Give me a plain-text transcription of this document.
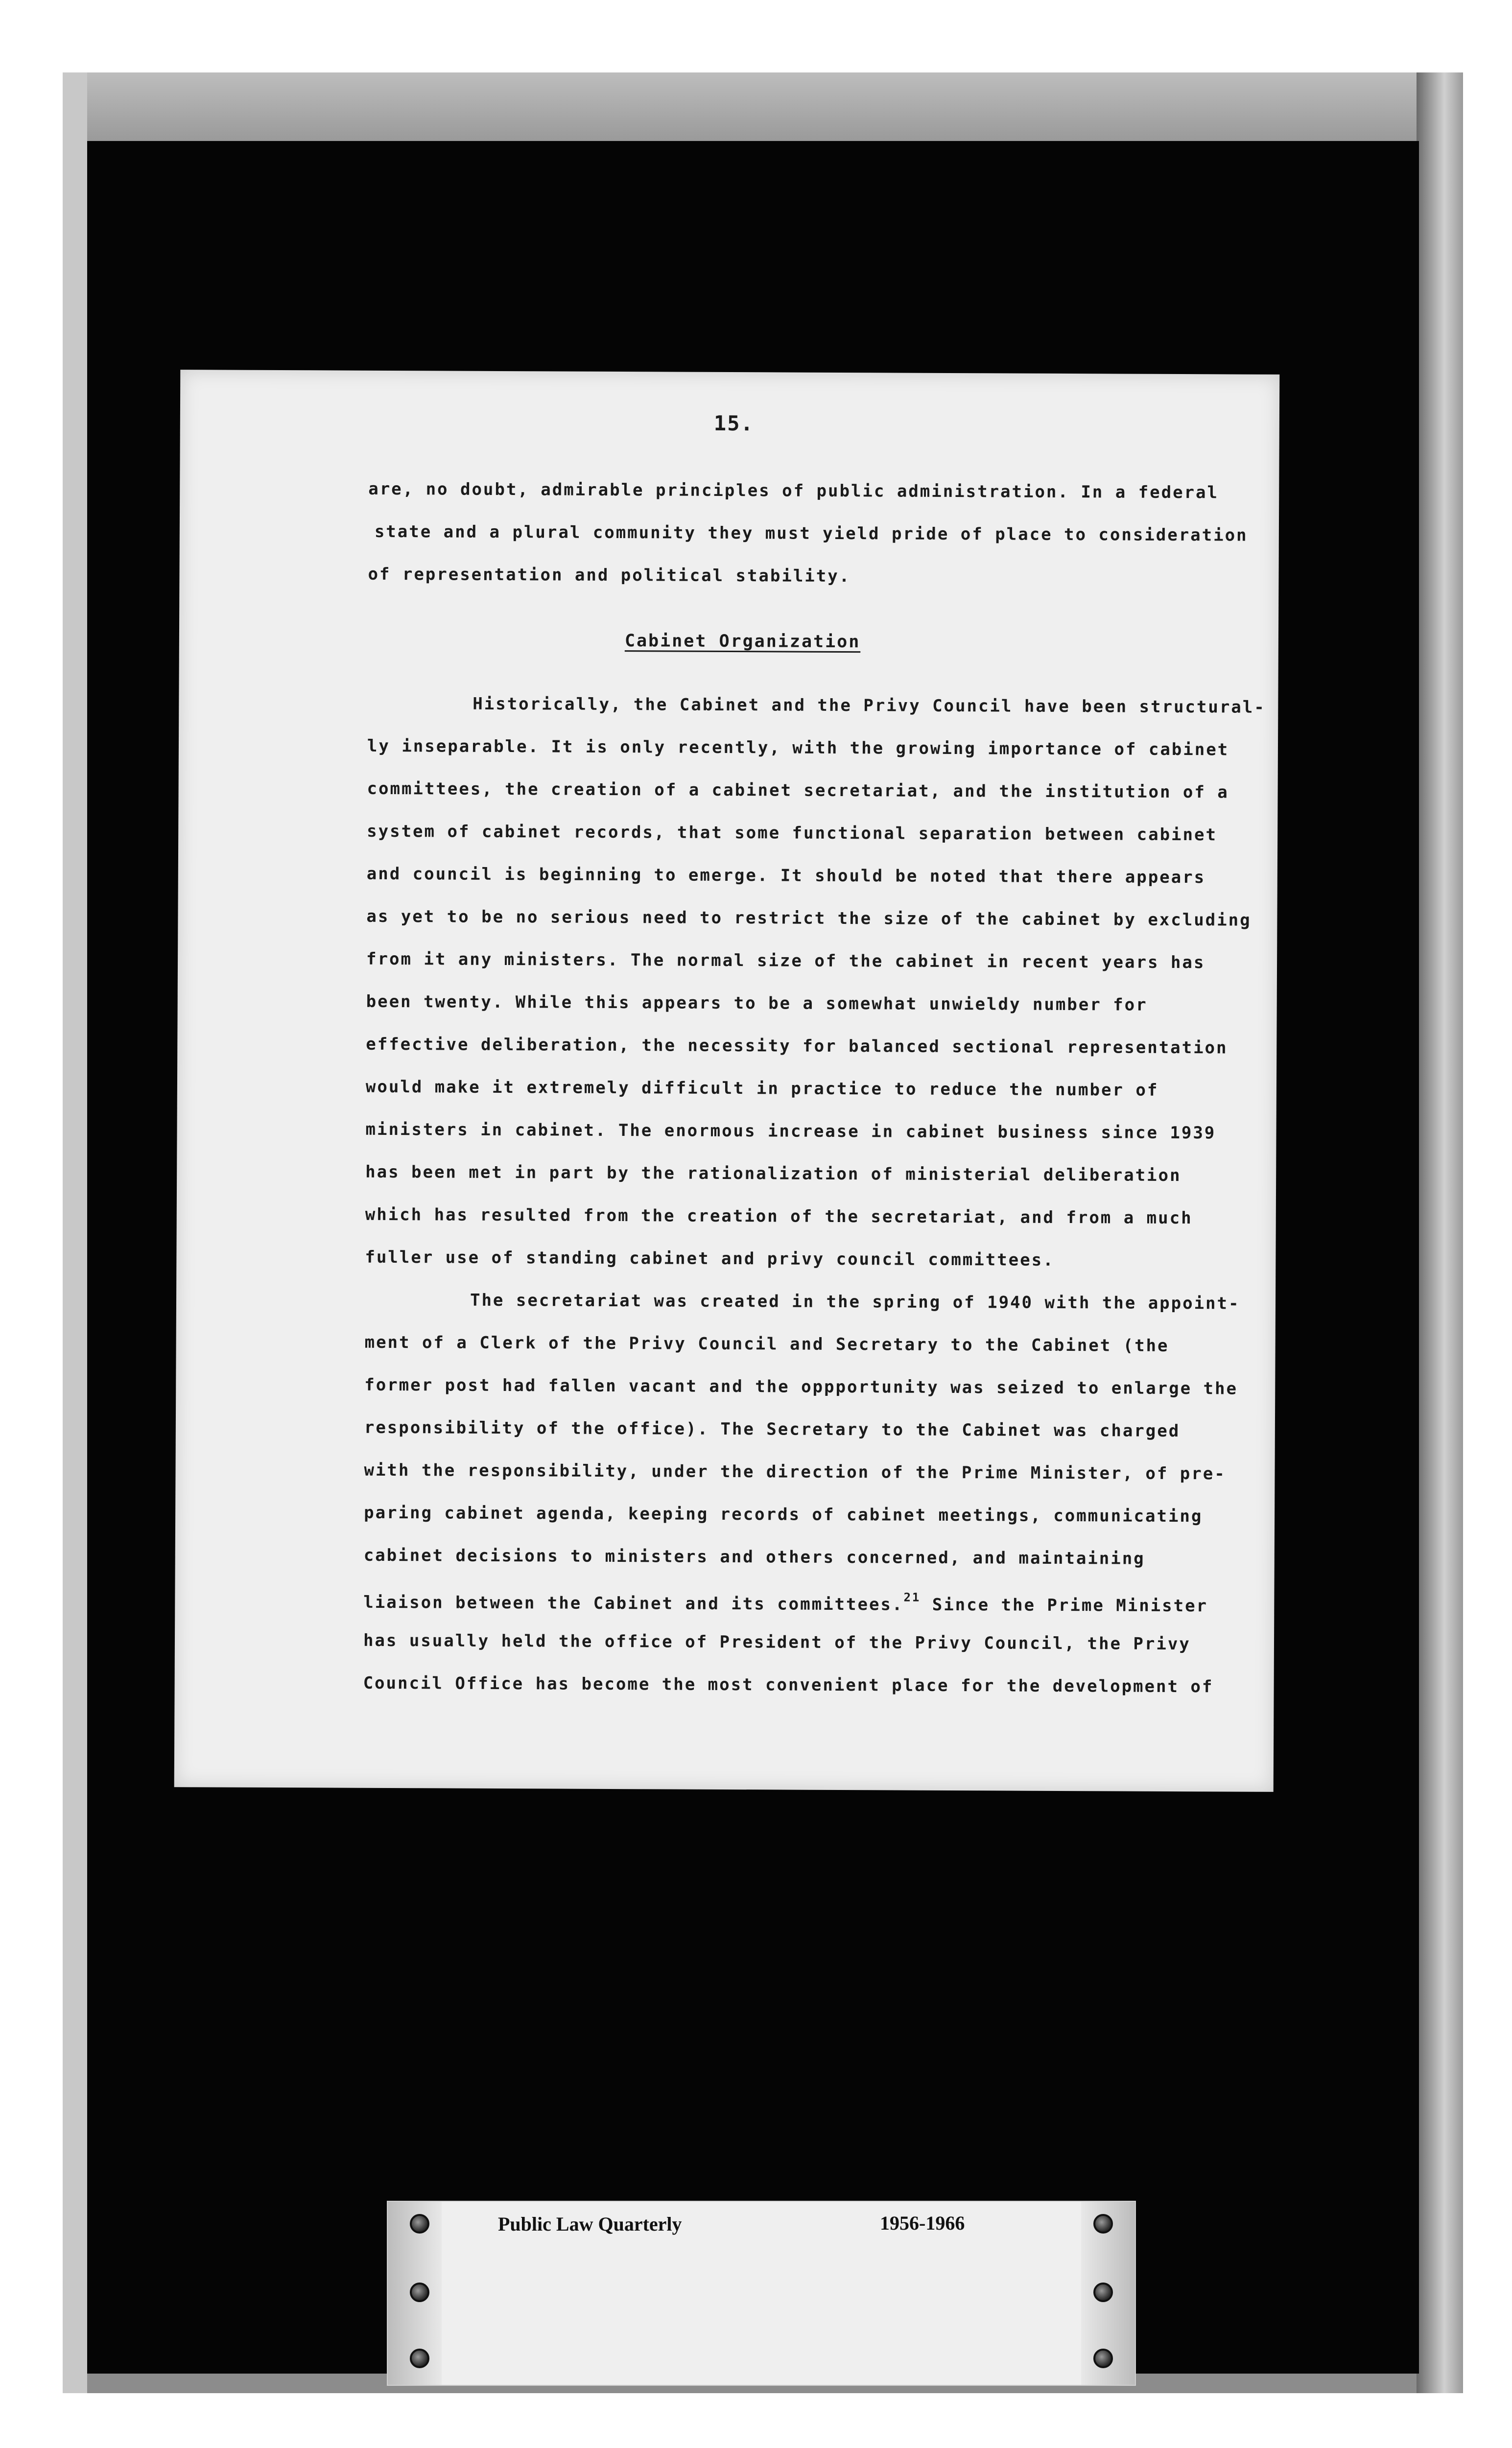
15.
are, no doubt, admirable principles of public administration. In a federal
state and a plural community they must yield pride of place to consideration
of representation and political stability.
Cabinet Organization
Historically, the Cabinet and the Privy Council have been structural-
ly inseparable. It is only recently, with the growing importance of cabinet
committees, the creation of a cabinet secretariat, and the institution of a
system of cabinet records, that some functional separation between cabinet
and council is beginning to emerge. It should be noted that there appears
as yet to be no serious need to restrict the size of the cabinet by excluding
from it any ministers. The normal size of the cabinet in recent years has
been twenty. While this appears to be a somewhat unwieldy number for
effective deliberation, the necessity for balanced sectional representation
would make it extremely difficult in practice to reduce the number of
ministers in cabinet. The enormous increase in cabinet business since 1939
has been met in part by the rationalization of ministerial deliberation
which has resulted from the creation of the secretariat, and from a much
fuller use of standing cabinet and privy council committees.
The secretariat was created in the spring of 1940 with the appoint-
ment of a Clerk of the Privy Council and Secretary to the Cabinet (the
former post had fallen vacant and the oppportunity was seized to enlarge the
responsibility of the office). The Secretary to the Cabinet was charged
with the responsibility, under the direction of the Prime Minister, of pre-
paring cabinet agenda, keeping records of cabinet meetings, communicating
cabinet decisions to ministers and others concerned, and maintaining
liaison between the Cabinet and its committees.$^{21}$ Since the Prime Minister
has usually held the office of President of the Privy Council, the Privy
Council Office has become the most convenient place for the development of
Public Law Quarterly	1956-1966
